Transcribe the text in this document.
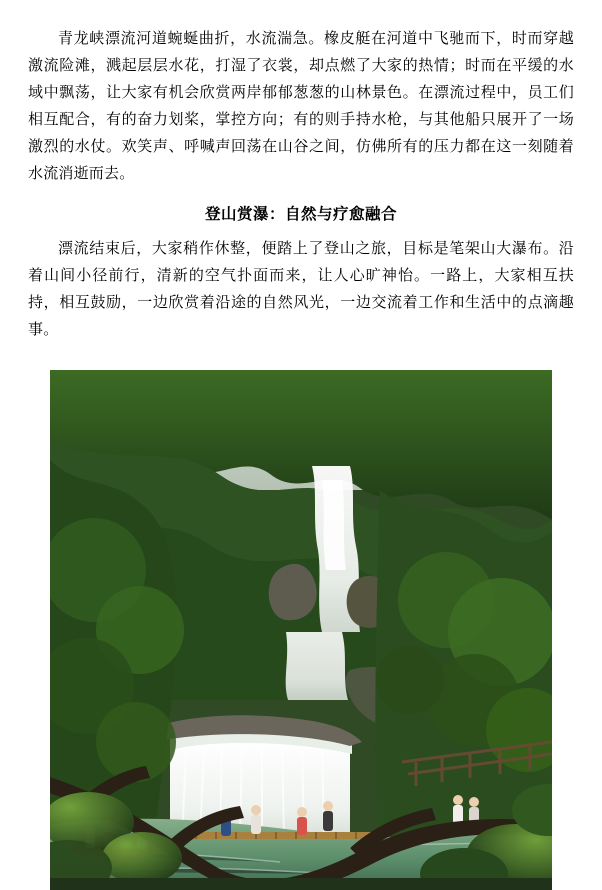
青龙峡漂流河道蜿蜒曲折，水流湍急。橡皮艇在河道中飞驰而下，时而穿越激流险滩，溅起层层水花，打湿了衣裳，却点燃了大家的热情；时而在平缓的水域中飘荡，让大家有机会欣赏两岸郁郁葱葱的山林景色。在漂流过程中，员工们相互配合，有的奋力划桨，掌控方向；有的则手持水枪，与其他船只展开了一场激烈的水仗。欢笑声、呼喊声回荡在山谷之间，仿佛所有的压力都在这一刻随着水流消逝而去。

登山赏瀑：自然与疗愈融合

漂流结束后，大家稍作休整，便踏上了登山之旅，目标是笔架山大瀑布。沿着山间小径前行，清新的空气扑面而来，让人心旷神怡。一路上，大家相互扶持，相互鼓励，一边欣赏着沿途的自然风光，一边交流着工作和生活中的点滴趣事。
